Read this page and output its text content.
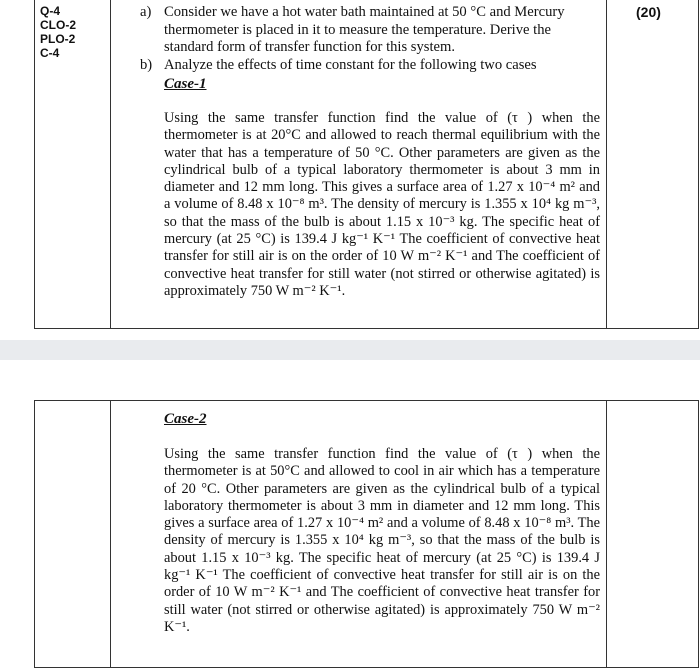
Q-4
CLO-2
PLO-2
C-4
(20)
a) Consider we have a hot water bath maintained at 50 °C and Mercury thermometer is placed in it to measure the temperature. Derive the standard form of transfer function for this system.
b) Analyze the effects of time constant for the following two cases
Case-1
Using the same transfer function find the value of (τ ) when the thermometer is at 20°C and allowed to reach thermal equilibrium with the water that has a temperature of 50 °C. Other parameters are given as the cylindrical bulb of a typical laboratory thermometer is about 3 mm in diameter and 12 mm long. This gives a surface area of 1.27 x 10⁻⁴ m² and a volume of 8.48 x 10⁻⁸ m³. The density of mercury is 1.355 x 10⁴ kg m⁻³, so that the mass of the bulb is about 1.15 x 10⁻³ kg. The specific heat of mercury (at 25 °C) is 139.4 J kg⁻¹ K⁻¹ The coefficient of convective heat transfer for still air is on the order of 10 W m⁻² K⁻¹ and The coefficient of convective heat transfer for still water (not stirred or otherwise agitated) is approximately 750 W m⁻² K⁻¹.
Case-2
Using the same transfer function find the value of (τ ) when the thermometer is at 50°C and allowed to cool in air which has a temperature of 20 °C. Other parameters are given as the cylindrical bulb of a typical laboratory thermometer is about 3 mm in diameter and 12 mm long. This gives a surface area of 1.27 x 10⁻⁴ m² and a volume of 8.48 x 10⁻⁸ m³. The density of mercury is 1.355 x 10⁴ kg m⁻³, so that the mass of the bulb is about 1.15 x 10⁻³ kg. The specific heat of mercury (at 25 °C) is 139.4 J kg⁻¹ K⁻¹ The coefficient of convective heat transfer for still air is on the order of 10 W m⁻² K⁻¹ and The coefficient of convective heat transfer for still water (not stirred or otherwise agitated) is approximately 750 W m⁻² K⁻¹.
